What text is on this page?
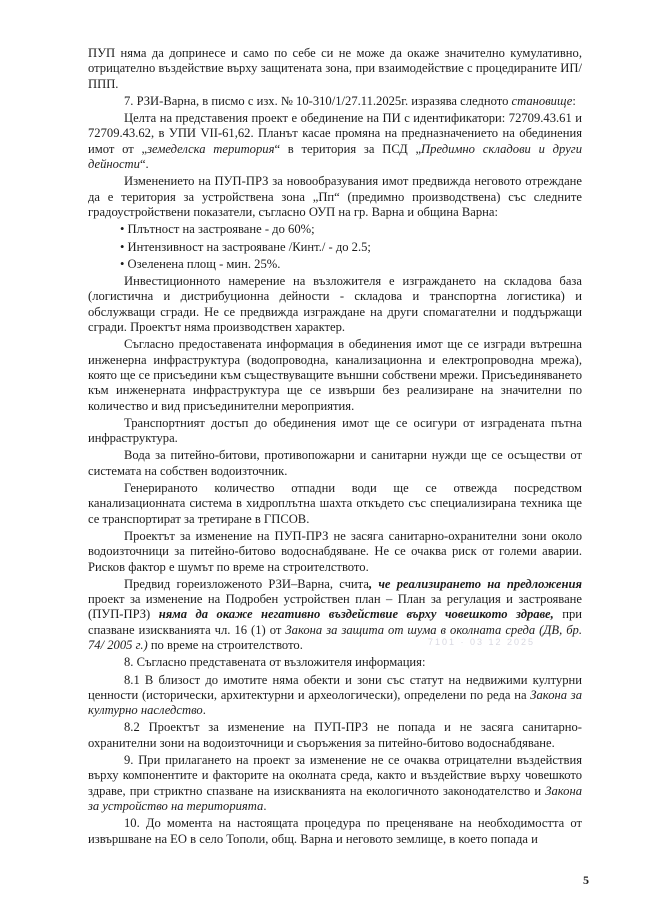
ПУП няма да допринесе и само по себе си не може да окаже значително кумулативно, отрицателно въздействие върху защитената зона, при взаимодействие с процедираните ИП/ППП.

7. РЗИ-Варна, в писмо с изх. № 10-310/1/27.11.2025г. изразява следното становище:

Целта на представения проект е обединение на ПИ с идентификатори: 72709.43.61 и 72709.43.62, в УПИ VII-61,62. Планът касае промяна на предназначението на обединения имот от „земеделска територия“ в територия за ПСД „Предимно складови и други дейности“.

Изменението на ПУП-ПРЗ за новообразувания имот предвижда неговото отреждане да е територия за устройствена зона „Пп“ (предимно производствена) със следните градоустройствени показатели, съгласно ОУП на гр. Варна и община Варна:

• Плътност на застрояване - до 60%;

• Интензивност на застрояване /Кинт./ - до 2.5;

• Озеленена площ - мин. 25%.

Инвестиционното намерение на възложителя е изграждането на складова база (логистична и дистрибуционна дейности - складова и транспортна логистика) и обслужващи сгради. Не се предвижда изграждане на други спомагателни и поддържащи сгради. Проектът няма производствен характер.

Съгласно предоставената информация в обединения имот ще се изгради вътрешна инженерна инфраструктура (водопроводна, канализационна и електропроводна мрежа), която ще се присъедини към съществуващите външни собствени мрежи. Присъединяването към инженерната инфраструктура ще се извърши без реализиране на значителни по количество и вид присъединителни мероприятия.

Транспортният достъп до обединения имот ще се осигури от изградената пътна инфраструктура.

Вода за питейно-битови, противопожарни и санитарни нужди ще се осъществи от системата на собствен водоизточник.

Генерираното количество отпадни води ще се отвежда посредством канализационната система в хидроплътна шахта откъдето със специализирана техника ще се транспортират за третиране в ГПСОВ.

Проектът за изменение на ПУП-ПРЗ не засяга санитарно-охранителни зони около водоизточници за питейно-битово водоснабдяване. Не се очаква риск от големи аварии. Рисков фактор е шумът по време на строителството.

Предвид гореизложеното РЗИ–Варна, счита, че реализирането на предложения проект за изменение на Подробен устройствен план – План за регулация и застрояване (ПУП-ПРЗ) няма да окаже негативно въздействие върху човешкото здраве, при спазване изискванията чл. 16 (1) от Закона за защита от шума в околната среда (ДВ, бр. 74/ 2005 г.) по време на строителството.

8. Съгласно представената от възложителя информация:

8.1 В близост до имотите няма обекти и зони със статут на недвижими културни ценности (исторически, архитектурни и археологически), определени по реда на Закона за културно наследство.

8.2 Проектът за изменение на ПУП-ПРЗ не попада и не засяга санитарно-охранителни зони на водоизточници и съоръжения за питейно-битово водоснабдяване.

9. При прилагането на проект за изменение не се очаква отрицателни въздействия върху компонентите и факторите на околната среда, както и въздействие върху човешкото здраве, при стриктно спазване на изискванията на екологичното законодателство и Закона за устройство на територията.

10. До момента на настоящата процедура по преценяване на необходимостта от извършване на ЕО в село Тополи, общ. Варна и неговото землище, в което попада и

7101 · 03 12 2025
5
